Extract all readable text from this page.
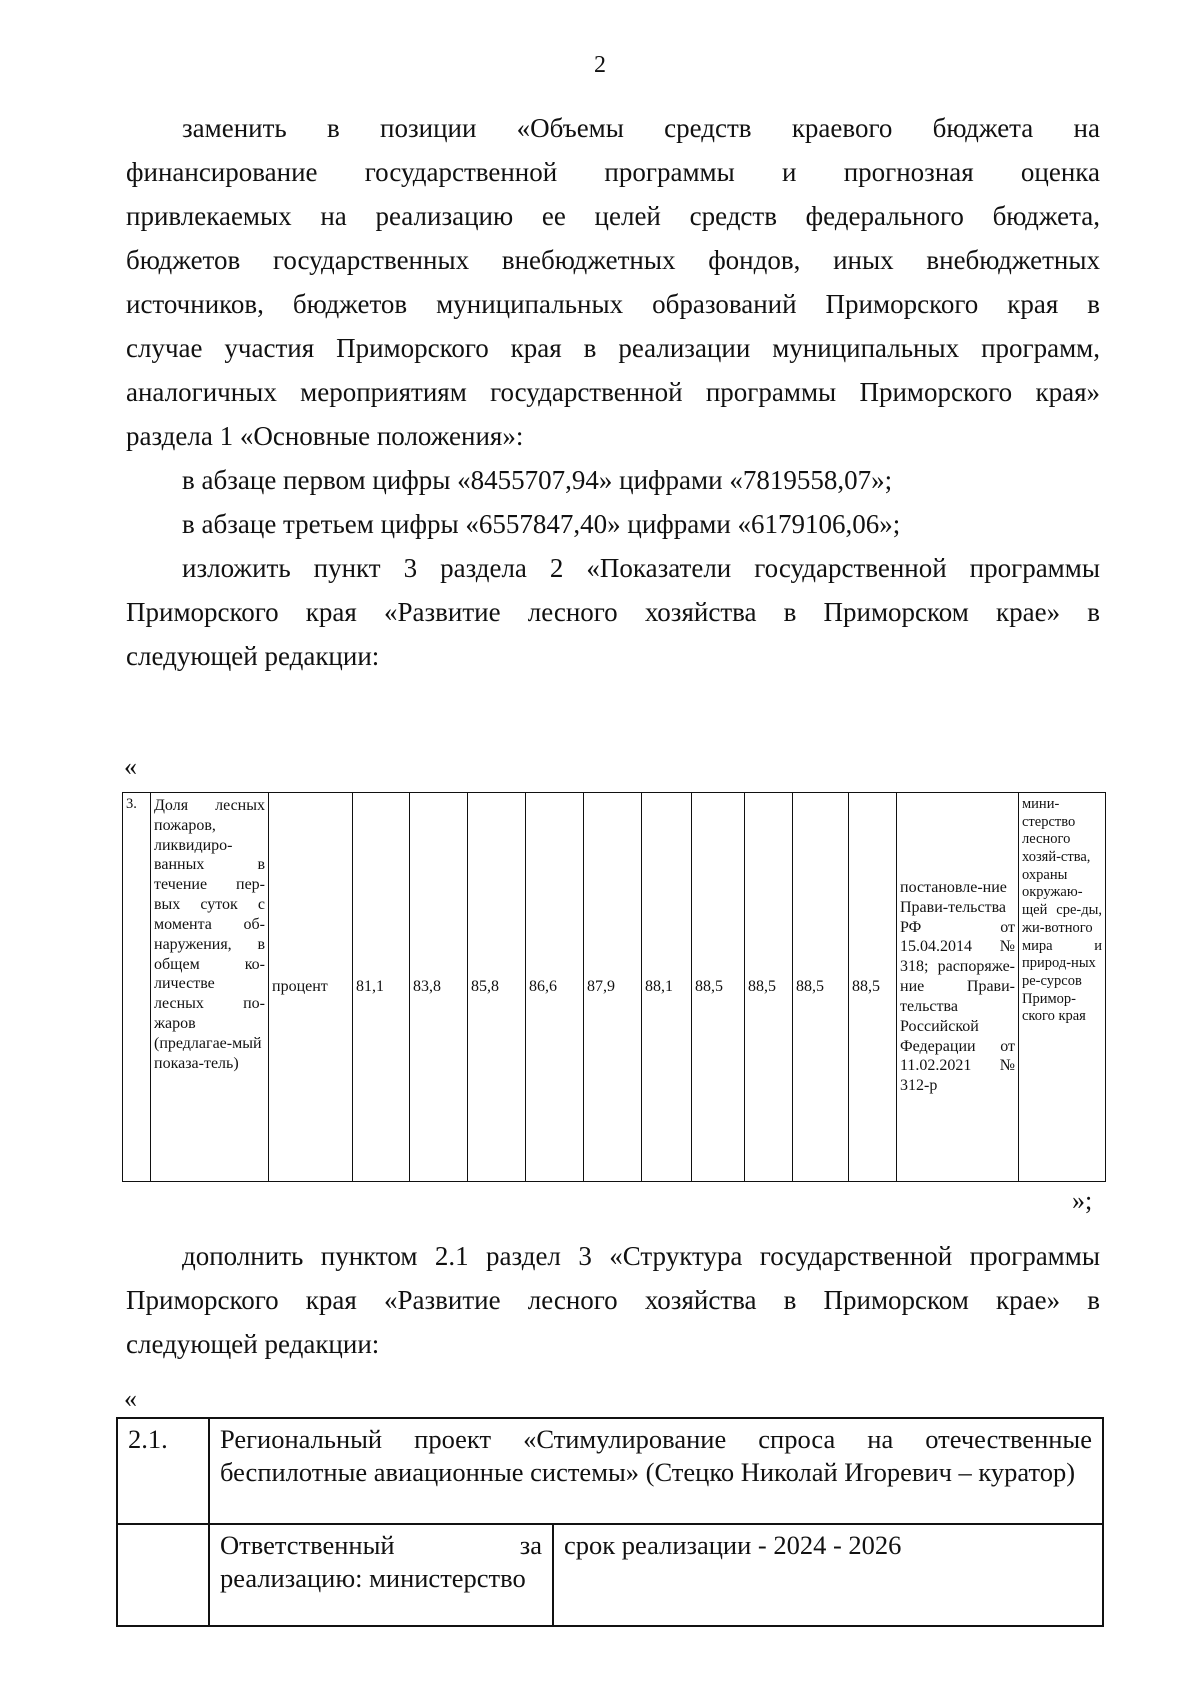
2

заменить в позиции «Объемы средств краевого бюджета на

финансирование государственной программы и прогнозная оценка

привлекаемых на реализацию ее целей средств федерального бюджета,

бюджетов государственных внебюджетных фондов, иных внебюджетных

источников, бюджетов муниципальных образований Приморского края в

случае участия Приморского края в реализации муниципальных программ,

аналогичных мероприятиям государственной программы Приморского края»

раздела 1 «Основные положения»:

в абзаце первом цифры «8455707,94» цифрами «7819558,07»;

в абзаце третьем цифры «6557847,40» цифрами «6179106,06»;

изложить пункт 3 раздела 2 «Показатели государственной программы

Приморского края «Развитие лесного хозяйства в Приморском крае» в

следующей редакции:

«
3.	Доля лесных пожаров, ликвидиро-ванных в течение пер-вых суток с момента об-наружения, в общем ко-личестве лесных по-жаров (предлагае-мый показа-тель)	процент	81,1	83,8	85,8	86,6	87,9	88,1	88,5	88,5	88,5	88,5	постановле-ние Прави-тельства РФ от 15.04.2014 № 318; распоряже-ние Прави-тельства Российской Федерации от 11.02.2021 № 312-р	мини-стерство лесного хозяй-ства, охраны окружаю-щей сре-ды, жи-вотного мира и природ-ных ре-сурсов Примор-ского края
»;

дополнить пунктом 2.1 раздел 3 «Структура государственной программы

Приморского края «Развитие лесного хозяйства в Приморском крае» в

следующей редакции:

«
2.1.	Региональный проект «Стимулирование спроса на отечественные беспилотные авиационные системы» (Стецко Николай Игоревич – куратор)	

	Ответственный за реализацию: министерство	срок реализации - 2024 - 2026
